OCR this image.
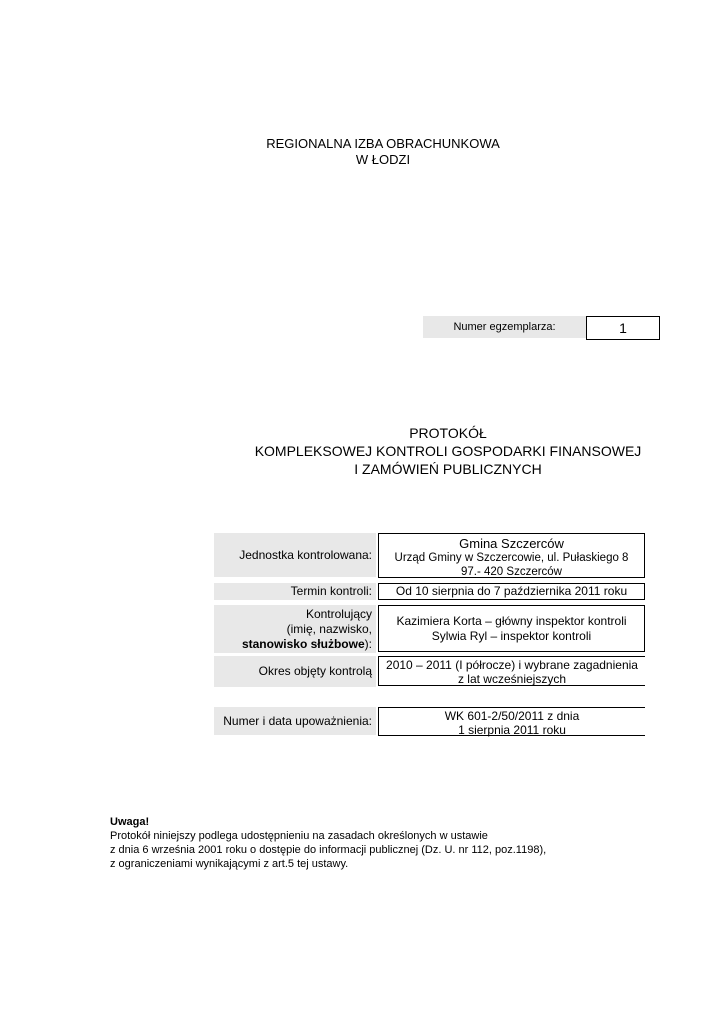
REGIONALNA IZBA OBRACHUNKOWA
W ŁODZI
Numer egzemplarza:	1
PROTOKÓŁ
KOMPLEKSOWEJ KONTROLI GOSPODARKI FINANSOWEJ
I ZAMÓWIEŃ PUBLICZNYCH
Jednostka kontrolowana:
Gmina Szczerców
Urząd Gminy w Szczercowie, ul. Pułaskiego 8
97.- 420 Szczerców
Termin kontroli:	Od 10 sierpnia do 7 października 2011 roku
Kontrolujący
(imię, nazwisko,
stanowisko służbowe):
Kazimiera Korta – główny inspektor kontroli
Sylwia Ryl – inspektor kontroli
Okres objęty kontrolą	2010 – 2011 (I półrocze) i wybrane zagadnienia
z lat wcześniejszych
Numer i data upoważnienia:	WK 601-2/50/2011 z dnia
1 sierpnia 2011 roku
Uwaga!
Protokół niniejszy podlega udostępnieniu na zasadach określonych w ustawie
z dnia 6 września 2001 roku o dostępie do informacji publicznej (Dz. U. nr 112, poz.1198),
z ograniczeniami wynikającymi z art.5 tej ustawy.
